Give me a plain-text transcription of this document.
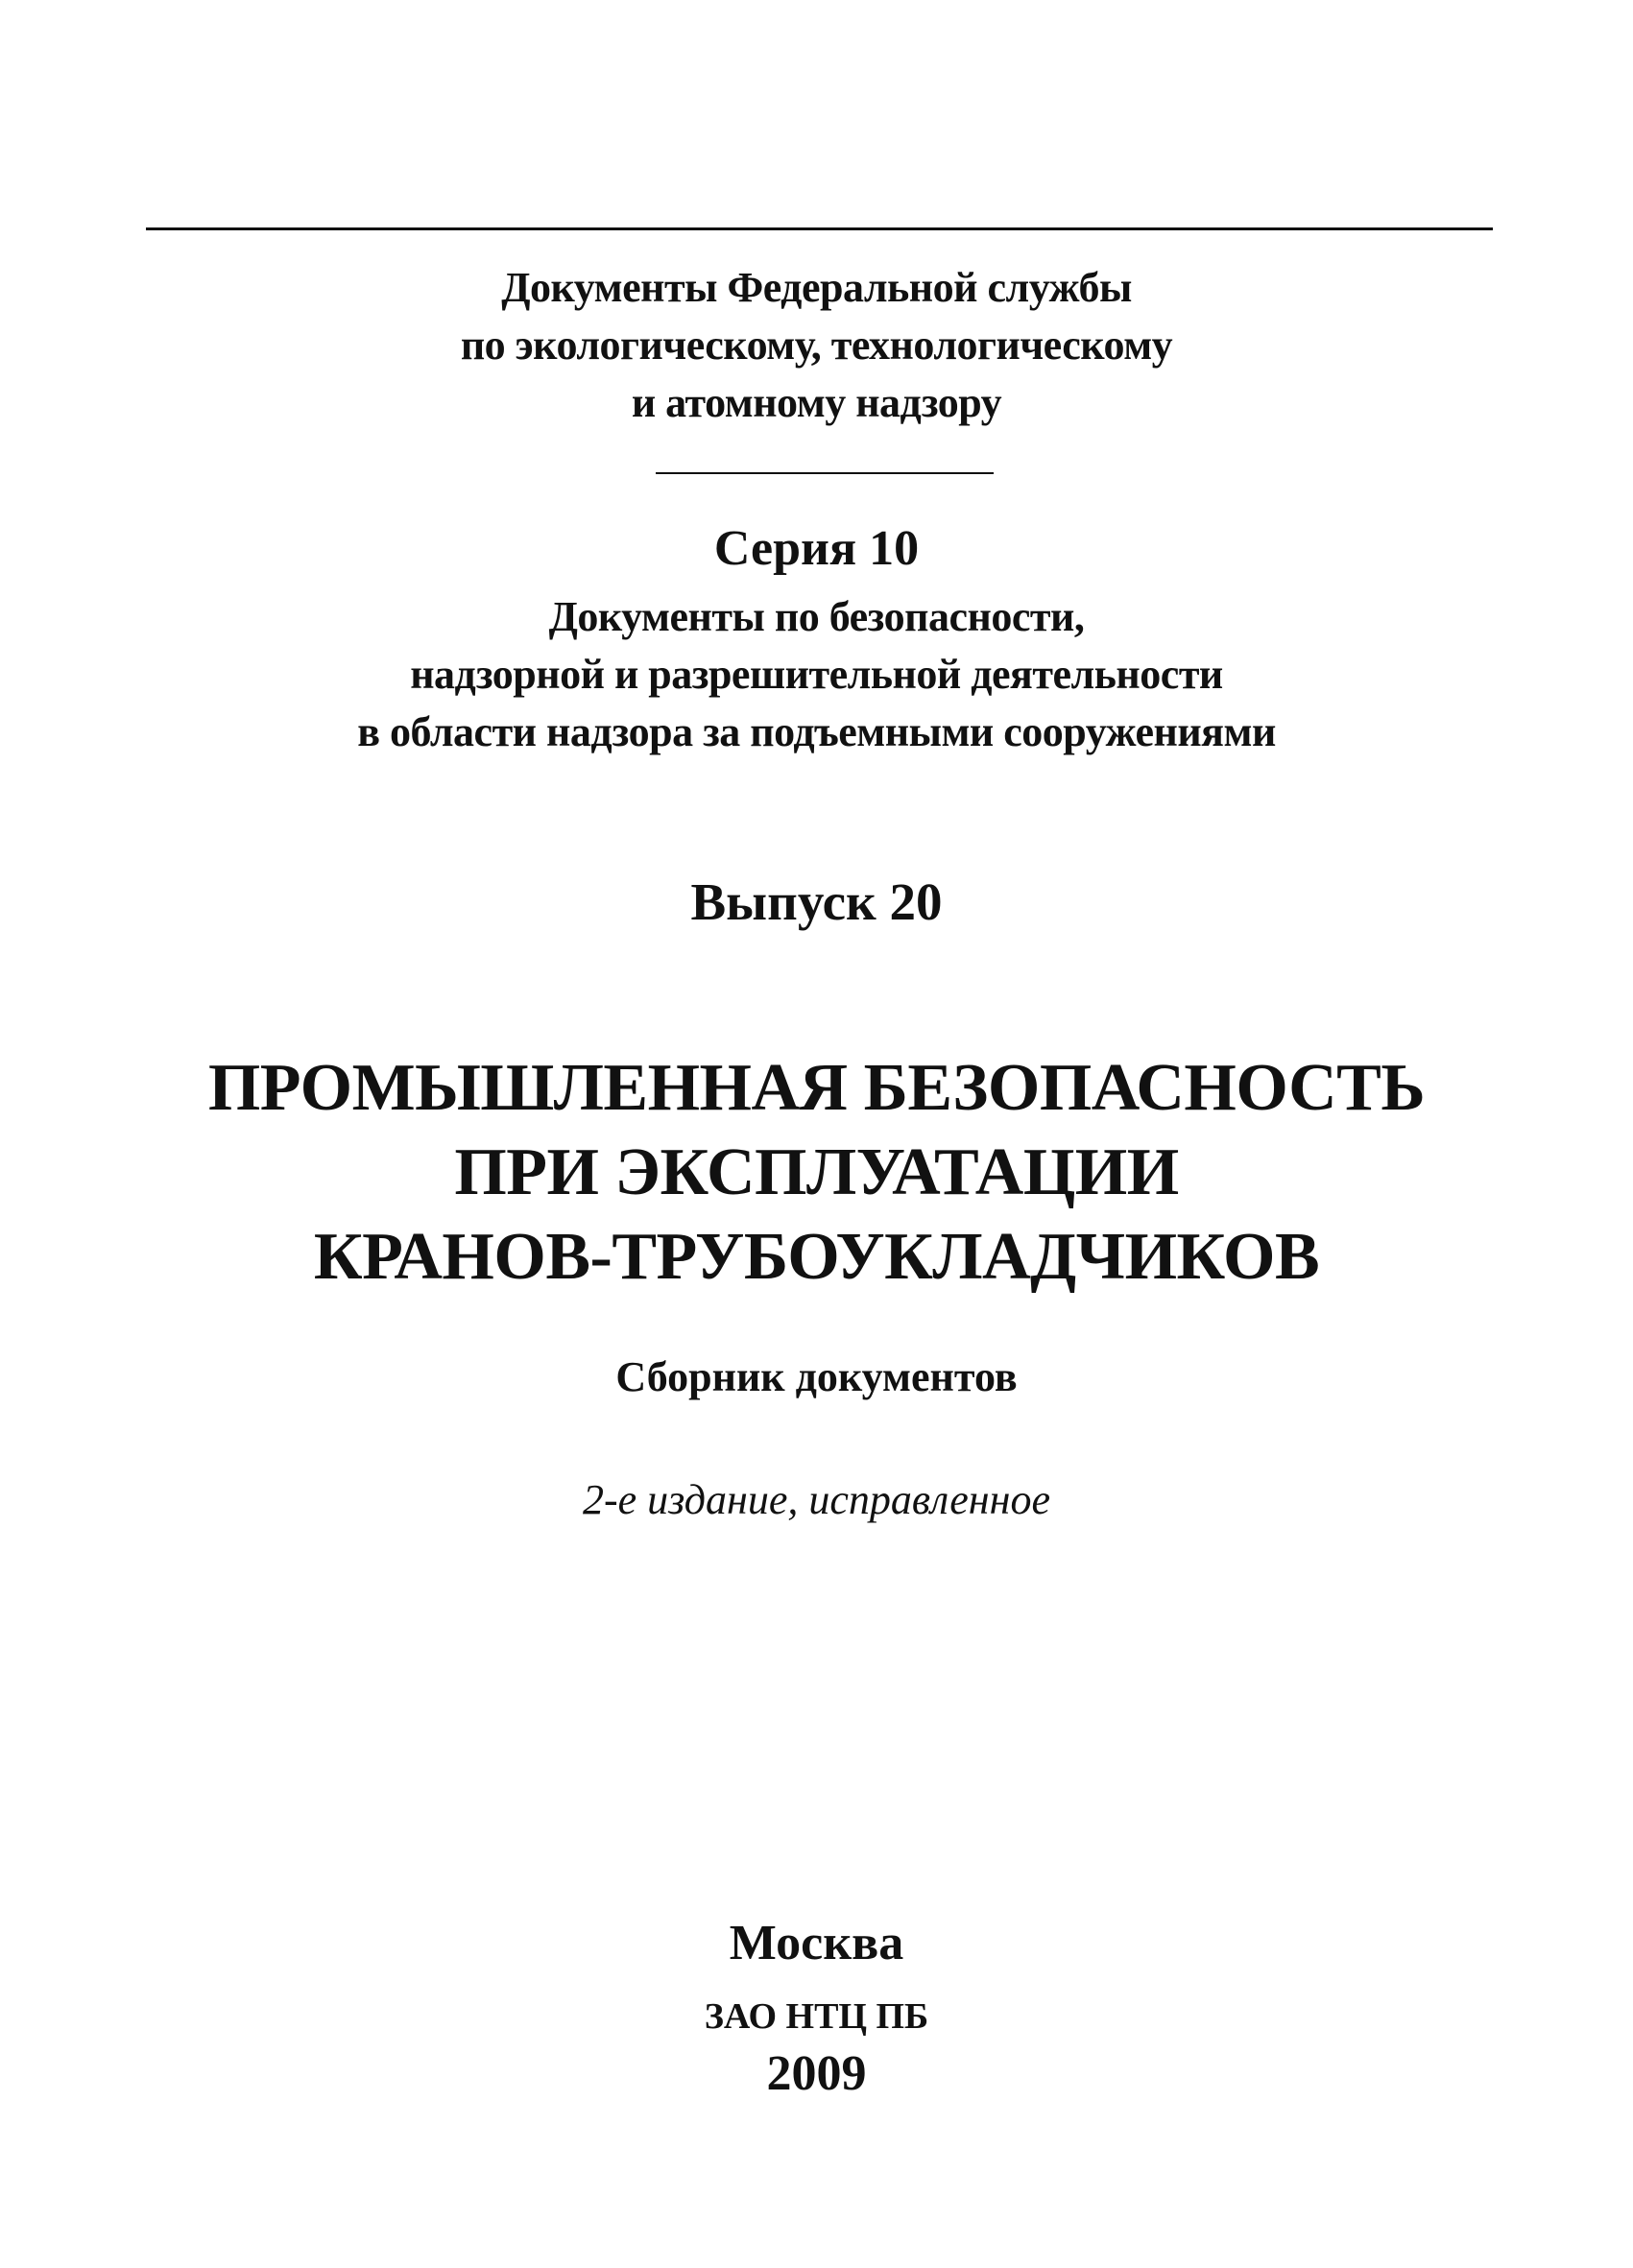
Документы Федеральной службы
по экологическому, технологическому
и атомному надзору
Серия 10
Документы по безопасности,
надзорной и разрешительной деятельности
в области надзора за подъемными сооружениями
Выпуск 20
ПРОМЫШЛЕННАЯ БЕЗОПАСНОСТЬ
ПРИ ЭКСПЛУАТАЦИИ
КРАНОВ-ТРУБОУКЛАДЧИКОВ
Сборник документов
2-е издание, исправленное
Москва
ЗАО НТЦ ПБ
2009
